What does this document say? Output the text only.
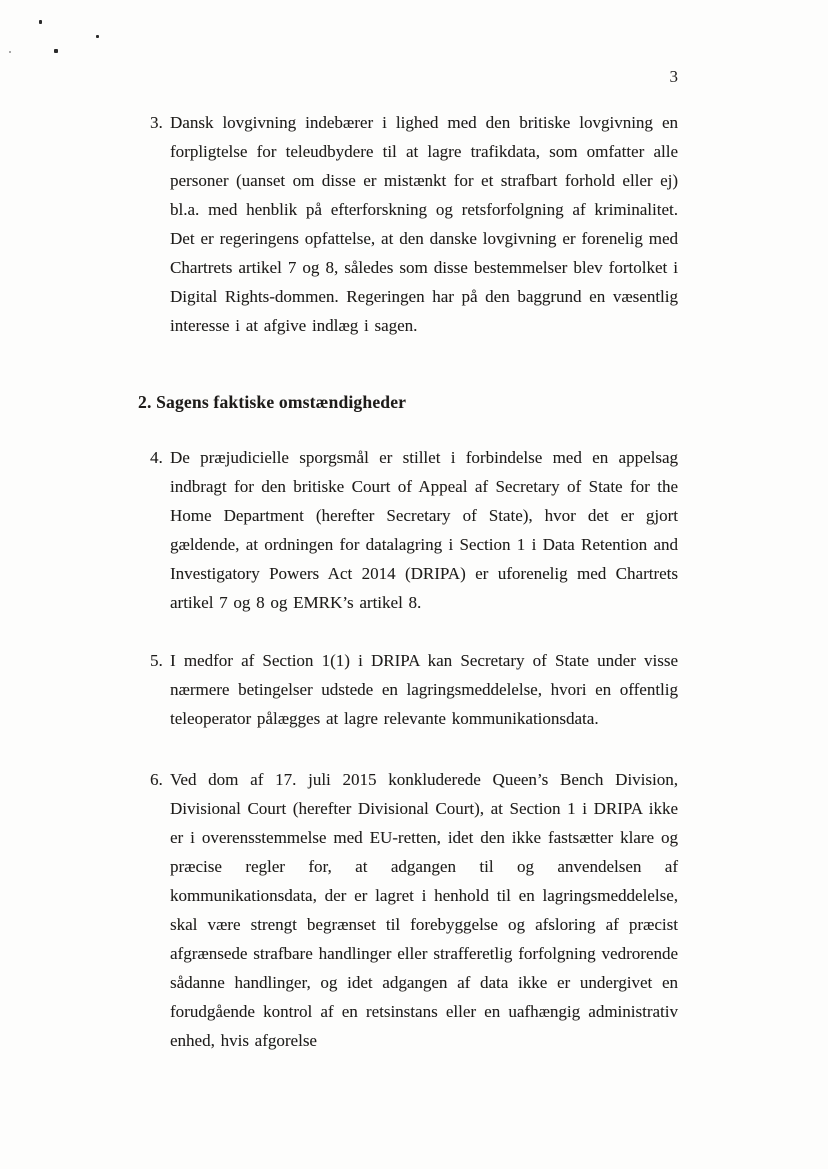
3
3. Dansk lovgivning indebærer i lighed med den britiske lovgivning en forpligtelse for teleudbydere til at lagre trafikdata, som omfatter alle personer (uanset om disse er mistænkt for et strafbart forhold eller ej) bl.a. med henblik på efterforskning og retsforfolgning af kriminalitet. Det er regeringens opfattelse, at den danske lovgivning er forenelig med Chartrets artikel 7 og 8, således som disse bestemmelser blev fortolket i Digital Rights-dommen. Regeringen har på den baggrund en væsentlig interesse i at afgive indlæg i sagen.
2. Sagens faktiske omstændigheder
4. De præjudicielle sporgsmål er stillet i forbindelse med en appelsag indbragt for den britiske Court of Appeal af Secretary of State for the Home Department (herefter Secretary of State), hvor det er gjort gældende, at ordningen for datalagring i Section 1 i Data Retention and Investigatory Powers Act 2014 (DRIPA) er uforenelig med Chartrets artikel 7 og 8 og EMRK’s artikel 8.
5. I medfor af Section 1(1) i DRIPA kan Secretary of State under visse nærmere betingelser udstede en lagringsmeddelelse, hvori en offentlig teleoperator pålægges at lagre relevante kommunikationsdata.
6. Ved dom af 17. juli 2015 konkluderede Queen’s Bench Division, Divisional Court (herefter Divisional Court), at Section 1 i DRIPA ikke er i overensstemmelse med EU-retten, idet den ikke fastsætter klare og præcise regler for, at adgangen til og anvendelsen af kommunikationsdata, der er lagret i henhold til en lagringsmeddelelse, skal være strengt begrænset til forebyggelse og afsloring af præcist afgrænsede strafbare handlinger eller strafferetlig forfolgning vedrorende sådanne handlinger, og idet adgangen af data ikke er undergivet en forudgående kontrol af en retsinstans eller en uafhængig administrativ enhed, hvis afgorelse
